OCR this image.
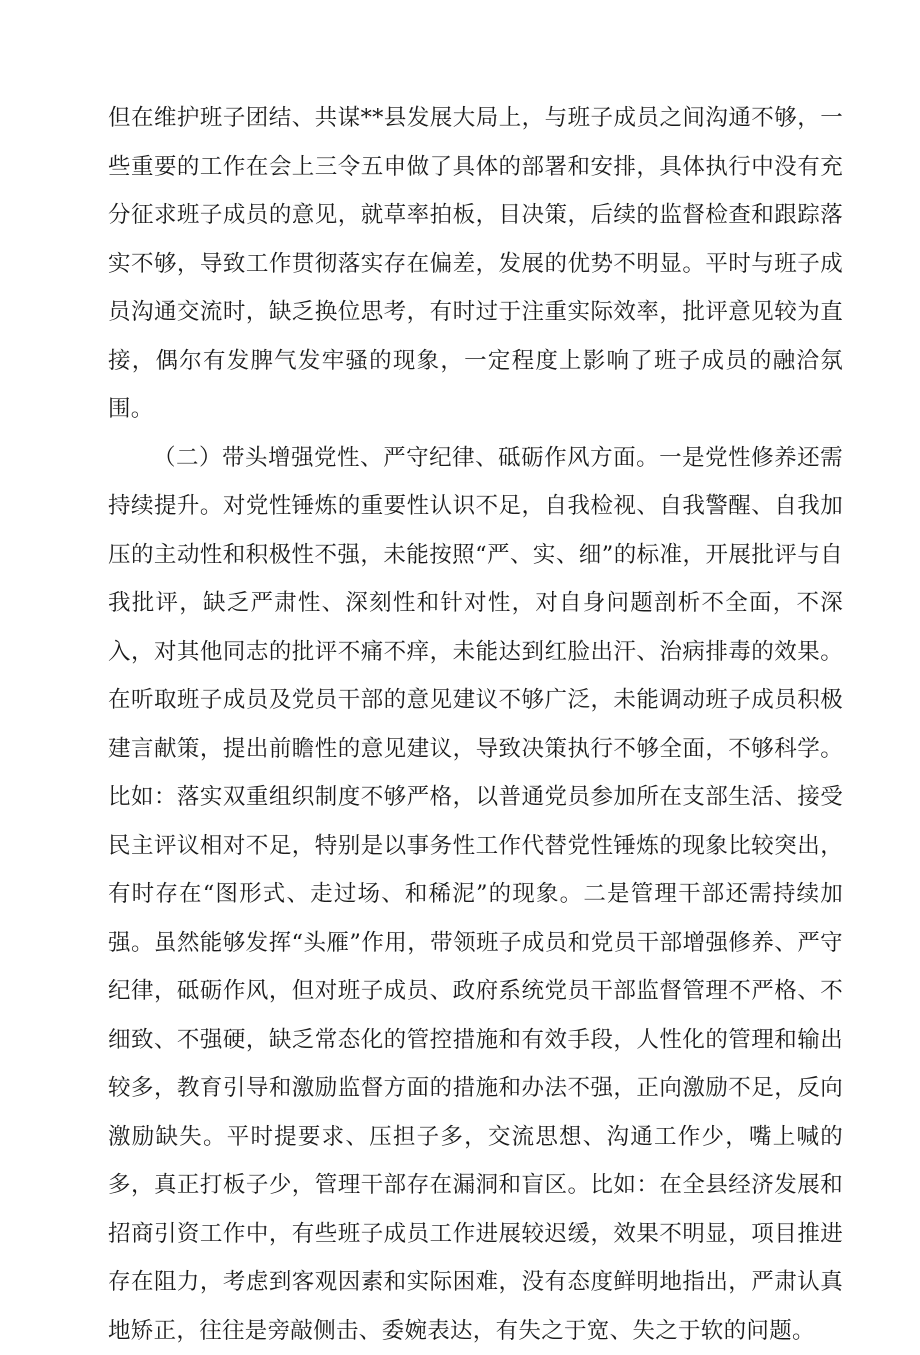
但在维护班子团结、共谋**县发展大局上，与班子成员之间沟通不够，一些重要的工作在会上三令五申做了具体的部署和安排，具体执行中没有充分征求班子成员的意见，就草率拍板，目决策，后续的监督检查和跟踪落实不够，导致工作贯彻落实存在偏差，发展的优势不明显。平时与班子成员沟通交流时，缺乏换位思考，有时过于注重实际效率，批评意见较为直接，偶尔有发脾气发牢骚的现象，一定程度上影响了班子成员的融洽氛围。

（二）带头增强党性、严守纪律、砥砺作风方面。一是党性修养还需持续提升。对党性锤炼的重要性认识不足，自我检视、自我警醒、自我加压的主动性和积极性不强，未能按照“严、实、细”的标准，开展批评与自我批评，缺乏严肃性、深刻性和针对性，对自身问题剖析不全面，不深入，对其他同志的批评不痛不痒，未能达到红脸出汗、治病排毒的效果。在听取班子成员及党员干部的意见建议不够广泛，未能调动班子成员积极建言献策，提出前瞻性的意见建议，导致决策执行不够全面，不够科学。比如：落实双重组织制度不够严格，以普通党员参加所在支部生活、接受民主评议相对不足，特别是以事务性工作代替党性锤炼的现象比较突出，有时存在“图形式、走过场、和稀泥”的现象。二是管理干部还需持续加强。虽然能够发挥“头雁”作用，带领班子成员和党员干部增强修养、严守纪律，砥砺作风，但对班子成员、政府系统党员干部监督管理不严格、不细致、不强硬，缺乏常态化的管控措施和有效手段，人性化的管理和输出较多，教育引导和激励监督方面的措施和办法不强，正向激励不足，反向激励缺失。平时提要求、压担子多，交流思想、沟通工作少，嘴上喊的多，真正打板子少，管理干部存在漏洞和盲区。比如：在全县经济发展和招商引资工作中，有些班子成员工作进展较迟缓，效果不明显，项目推进存在阻力，考虑到客观因素和实际困难，没有态度鲜明地指出，严肃认真地矫正，往往是旁敲侧击、委婉表达，有失之于宽、失之于软的问题。
